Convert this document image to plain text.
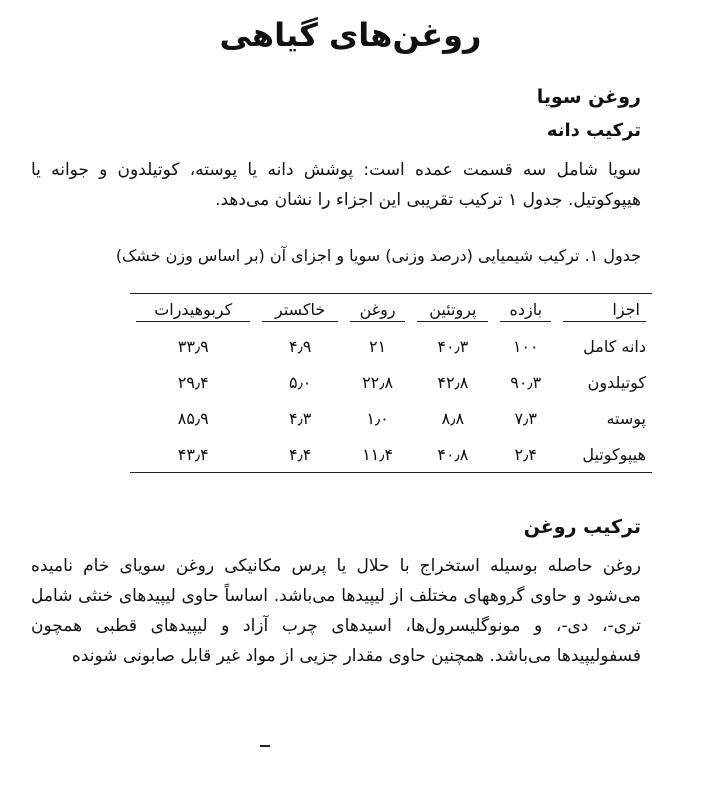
روغن‌های گیاهی
روغن سویا
ترکیب دانه

سویا شامل سه قسمت عمده است: پوشش دانه یا پوسته، کوتیلدون و جوانه یا هیپوکوتیل. جدول ۱ ترکیب تقریبی این اجزاء را نشان می‌دهد.

جدول ۱. ترکیب شیمیایی (درصد وزنی) سویا و اجزای آن (بر اساس وزن خشک)

اجزا	بازده	پروتئین	روغن	خاکستر	کربوهیدرات

دانه کامل	۱۰۰	۴۰٫۳	۲۱	۴٫۹	۳۳٫۹
کوتیلدون	۹۰٫۳	۴۲٫۸	۲۲٫۸	۵٫۰	۲۹٫۴
پوسته	۷٫۳	۸٫۸	۱٫۰	۴٫۳	۸۵٫۹
هیپوکوتیل	۲٫۴	۴۰٫۸	۱۱٫۴	۴٫۴	۴۳٫۴
ترکیب روغن

روغن حاصله بوسیله استخراج با حلال یا پرس مکانیکی روغن سویای خام نامیده می‌شود و حاوی گروههای مختلف از لیپیدها می‌باشد. اساساً حاوی لیپیدهای خنثی شامل تری-، دی-، و مونوگلیسرول‌ها، اسیدهای چرب آزاد و لیپیدهای قطبی همچون فسفولیپیدها می‌باشد. همچنین حاوی مقدار جزیی از مواد غیر قابل صابونی شونده
